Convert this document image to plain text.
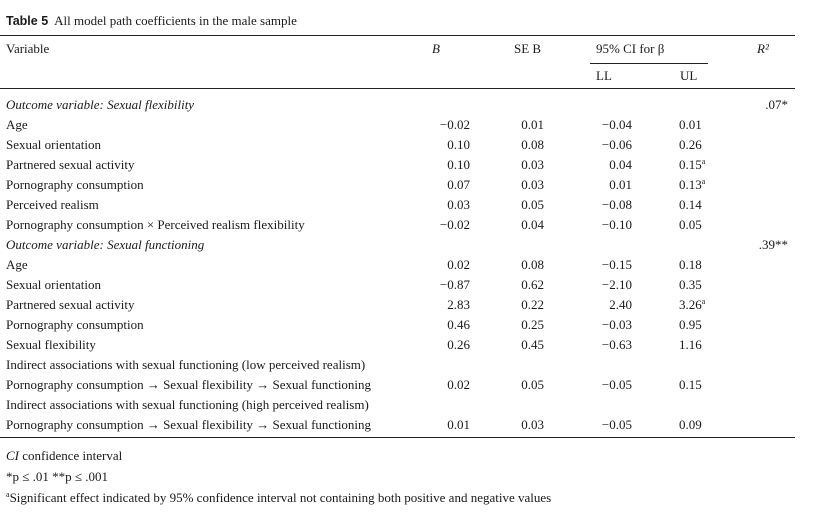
Table 5 All model path coefficients in the male sample
Variable	B	SE B	95% CI for β	R²
LL	UL
Outcome variable: Sexual flexibility	.07*
Age	−0.02	0.01	−0.04	0.01
Sexual orientation	0.10	0.08	−0.06	0.26
Partnered sexual activity	0.10	0.03	0.04	0.15$^a$
Pornography consumption	0.07	0.03	0.01	0.13$^a$
Perceived realism	0.03	0.05	−0.08	0.14
Pornography consumption × Perceived realism flexibility	−0.02	0.04	−0.10	0.05
Outcome variable: Sexual functioning	.39**
Age	0.02	0.08	−0.15	0.18
Sexual orientation	−0.87	0.62	−2.10	0.35
Partnered sexual activity	2.83	0.22	2.40	3.26$^a$
Pornography consumption	0.46	0.25	−0.03	0.95
Sexual flexibility	0.26	0.45	−0.63	1.16
Indirect associations with sexual functioning (low perceived realism)
Pornography consumption → Sexual flexibility → Sexual functioning	0.02	0.05	−0.05	0.15
Indirect associations with sexual functioning (high perceived realism)
Pornography consumption → Sexual flexibility → Sexual functioning	0.01	0.03	−0.05	0.09
CI confidence interval
*p ≤ .01 **p ≤ .001
$^a$Significant effect indicated by 95% confidence interval not containing both positive and negative values
